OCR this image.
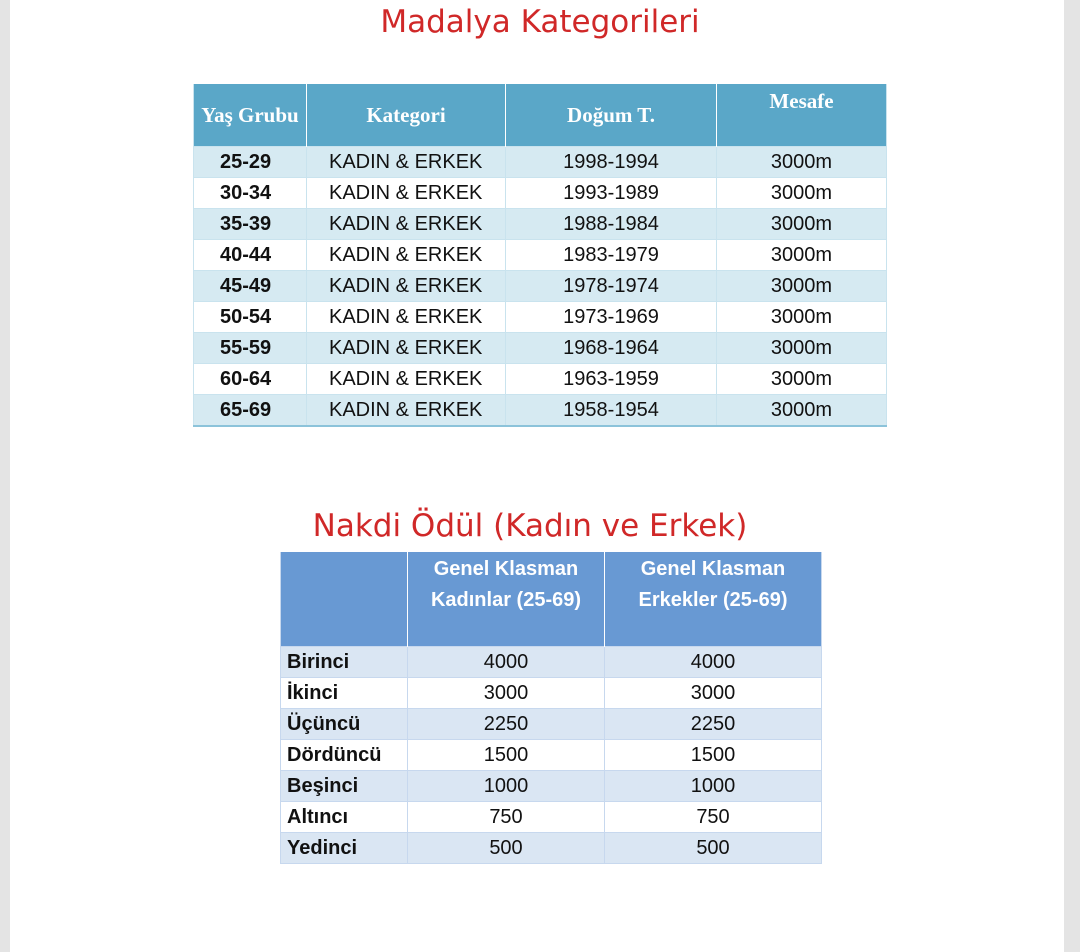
Madalya Kategorileri
Yaş Grubu	Kategori	Doğum T.	Mesafe
25-29	KADIN & ERKEK	1998-1994	3000m
30-34	KADIN & ERKEK	1993-1989	3000m
35-39	KADIN & ERKEK	1988-1984	3000m
40-44	KADIN & ERKEK	1983-1979	3000m
45-49	KADIN & ERKEK	1978-1974	3000m
50-54	KADIN & ERKEK	1973-1969	3000m
55-59	KADIN & ERKEK	1968-1964	3000m
60-64	KADIN & ERKEK	1963-1959	3000m
65-69	KADIN & ERKEK	1958-1954	3000m
Nakdi Ödül (Kadın ve Erkek)
	Genel Klasman Kadınlar (25-69)	Genel Klasman Erkekler (25-69)
Birinci	4000	4000
İkinci	3000	3000
Üçüncü	2250	2250
Dördüncü	1500	1500
Beşinci	1000	1000
Altıncı	750	750
Yedinci	500	500
